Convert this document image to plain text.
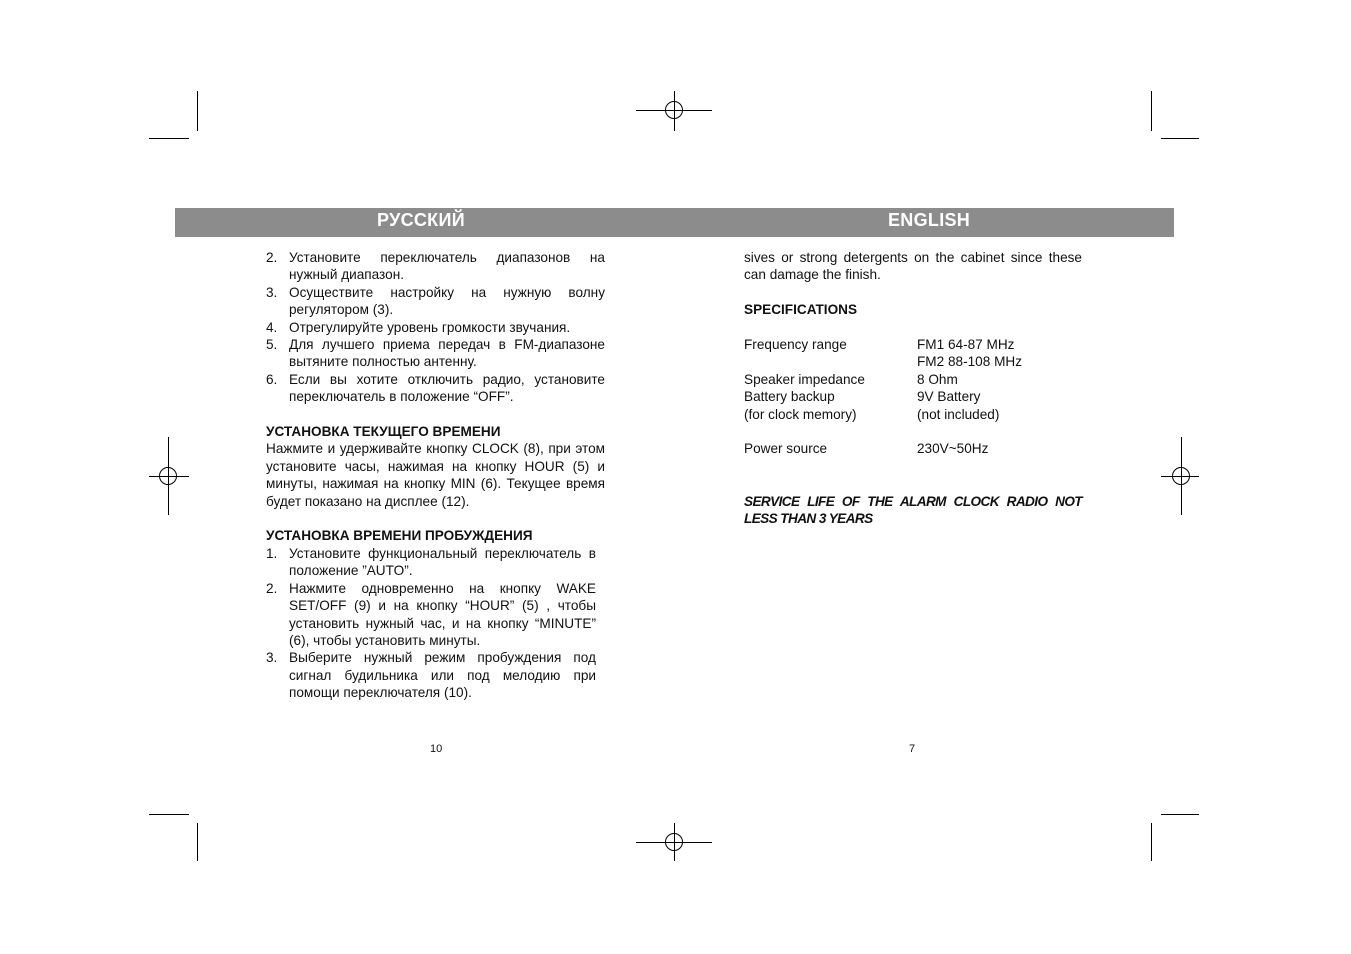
РУССКИЙ	ENGLISH
2. Установите переключатель диапазонов на нужный диапазон.
3. Осуществите настройку на нужную волну регулятором (3).
4. Отрегулируйте уровень громкости звучания.
5. Для лучшего приема передач в FM-диапазоне вытяните полностью антенну.
6. Если вы хотите отключить радио, установите переключатель в положение “OFF”.

УСТАНОВКА ТЕКУЩЕГО ВРЕМЕНИ

Нажмите и удерживайте кнопку CLOCK (8), при этом установите часы, нажимая на кнопку HOUR (5) и минуты, нажимая на кнопку MIN (6). Текущее время будет показано на дисплее (12).

УСТАНОВКА ВРЕМЕНИ ПРОБУЖДЕНИЯ

1. Установите функциональный переключатель в положение ”AUTO”.
2. Нажмите одновременно на кнопку WAKE SET/OFF (9) и на кнопку “HOUR” (5) , чтобы установить нужный час, и на кнопку “MINUTE” (6), чтобы установить минуты.
3. Выберите нужный режим пробуждения под сигнал будильника или под мелодию при помощи переключателя (10).

sives or strong detergents on the cabinet since these can damage the finish.

SPECIFICATIONS

Frequency range	FM1 64-87 MHz
FM2 88-108 MHz
Speaker impedance	8 Ohm
Battery backup	9V Battery
(for clock memory)	(not included)
Power source	230V~50Hz

SERVICE LIFE OF THE ALARM CLOCK RADIO NOT LESS THAN 3 YEARS

10	7
